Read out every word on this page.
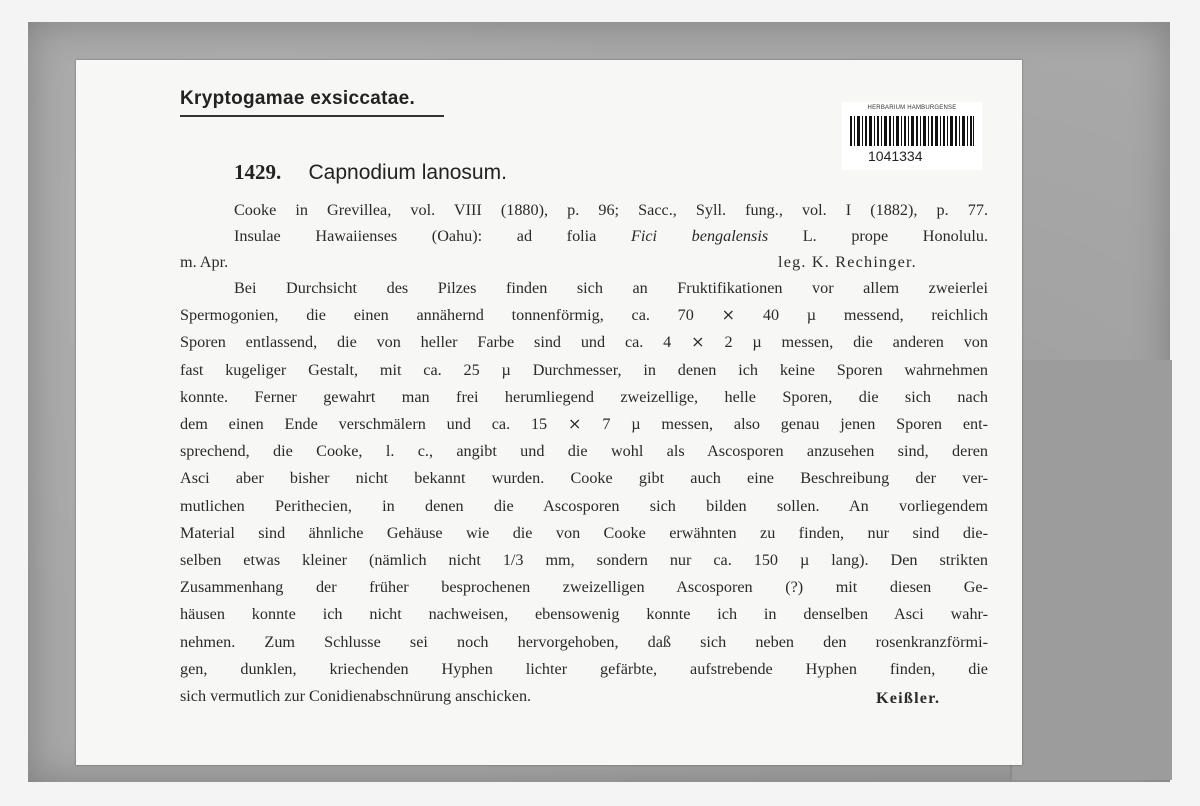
Kryptogamae exsiccatae.	HERBARIUM HAMBURGENSE
1041334
1429. Capnodium lanosum.
Cooke in Grevillea, vol. VIII (1880), p. 96; Sacc., Syll. fung., vol. I (1882), p. 77.
Insulae Hawaiienses (Oahu): ad folia Fici bengalensis L. prope Honolulu.
m. Apr.	leg. K. Rechinger.
Keißler.
Bei Durchsicht des Pilzes finden sich an Fruktifikationen vor allem zweierlei
Spermogonien, die einen annähernd tonnenförmig, ca. 70 ⨯ 40 µ messend, reichlich
Sporen entlassend, die von heller Farbe sind und ca. 4 ⨯ 2 µ messen, die anderen von
fast kugeliger Gestalt, mit ca. 25 µ Durchmesser, in denen ich keine Sporen wahrnehmen
konnte. Ferner gewahrt man frei herumliegend zweizellige, helle Sporen, die sich nach
dem einen Ende verschmälern und ca. 15 ⨯ 7 µ messen, also genau jenen Sporen ent-
sprechend, die Cooke, l. c., angibt und die wohl als Ascosporen anzusehen sind, deren
Asci aber bisher nicht bekannt wurden. Cooke gibt auch eine Beschreibung der ver-
mutlichen Perithecien, in denen die Ascosporen sich bilden sollen. An vorliegendem
Material sind ähnliche Gehäuse wie die von Cooke erwähnten zu finden, nur sind die-
selben etwas kleiner (nämlich nicht 1/3 mm, sondern nur ca. 150 µ lang). Den strikten
Zusammenhang der früher besprochenen zweizelligen Ascosporen (?) mit diesen Ge-
häusen konnte ich nicht nachweisen, ebensowenig konnte ich in denselben Asci wahr-
nehmen. Zum Schlusse sei noch hervorgehoben, daß sich neben den rosenkranzförmi-
gen, dunklen, kriechenden Hyphen lichter gefärbte, aufstrebende Hyphen finden, die
sich vermutlich zur Conidienabschnürung anschicken.
